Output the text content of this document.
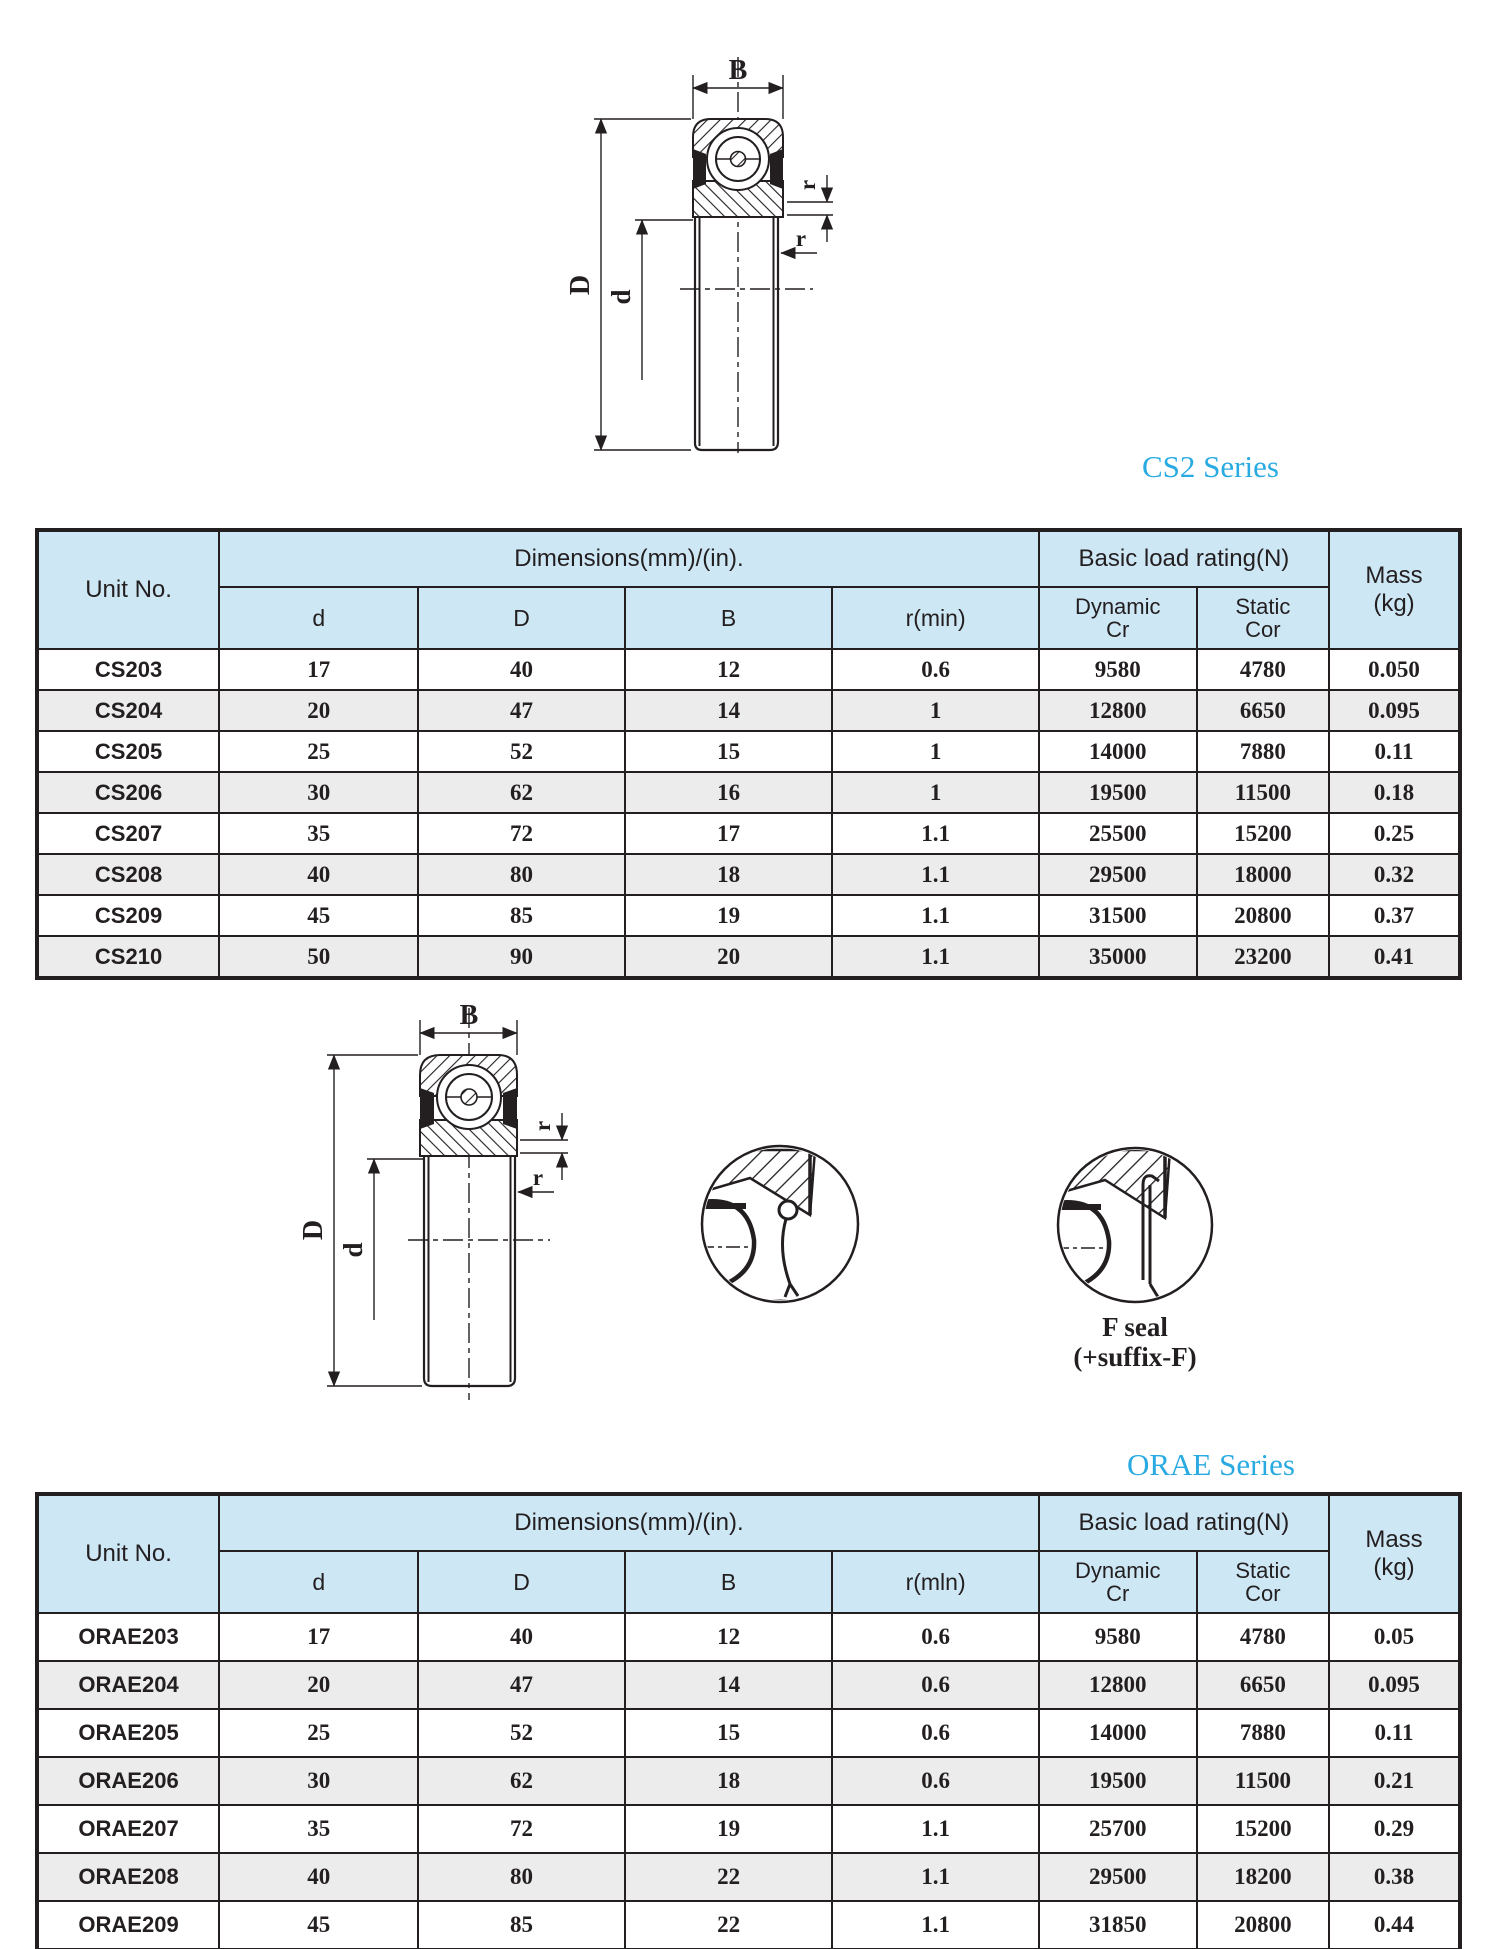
B
D
d
r
r
CS2 Series
Unit No.	Dimensions(mm)/(in).				Basic load rating(N)		Mass
(kg)

d	D	B	r(min)	Dynamic
Cr

Static
Cor

CS203	17	40	12	0.6	9580	4780	0.050
CS204	20	47	14	1	12800	6650	0.095
CS205	25	52	15	1	14000	7880	0.11
CS206	30	62	16	1	19500	11500	0.18
CS207	35	72	17	1.1	25500	15200	0.25
CS208	40	80	18	1.1	29500	18000	0.32
CS209	45	85	19	1.1	31500	20800	0.37
CS210	50	90	20	1.1	35000	23200	0.41
B
D
d
r
r
F seal
(+suffix-F)
ORAE Series
Unit No.	Dimensions(mm)/(in).				Basic load rating(N)		Mass
(kg)

d	D	B	r(mln)	Dynamic
Cr

Static
Cor

ORAE203	17	40	12	0.6	9580	4780	0.05
ORAE204	20	47	14	0.6	12800	6650	0.095
ORAE205	25	52	15	0.6	14000	7880	0.11
ORAE206	30	62	18	0.6	19500	11500	0.21
ORAE207	35	72	19	1.1	25700	15200	0.29
ORAE208	40	80	22	1.1	29500	18200	0.38
ORAE209	45	85	22	1.1	31850	20800	0.44
